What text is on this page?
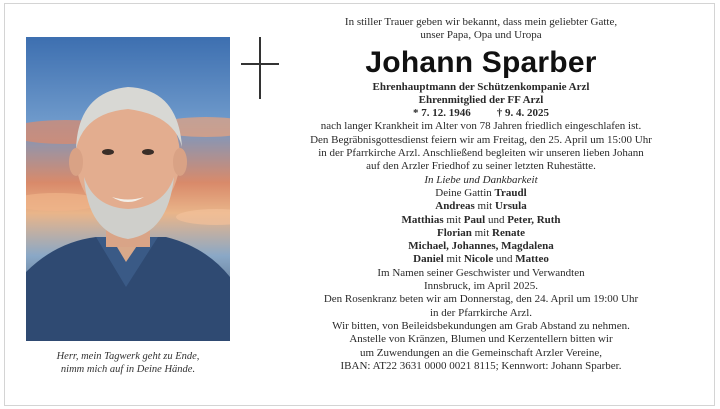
Herr, mein Tagwerk geht zu Ende,
nimm mich auf in Deine Hände.

In stiller Trauer geben wir bekannt, dass mein geliebter Gatte,

unser Papa, Opa und Uropa

Johann Sparber

Ehrenhauptmann der Schützenkompanie Arzl

Ehrenmitglied der FF Arzl

* 7. 12. 1946 † 9. 4. 2025

nach langer Krankheit im Alter von 78 Jahren friedlich eingeschlafen ist.

Den Begräbnisgottesdienst feiern wir am Freitag, den 25. April um 15:00 Uhr

in der Pfarrkirche Arzl. Anschließend begleiten wir unseren lieben Johann

auf den Arzler Friedhof zu seiner letzten Ruhestätte.

In Liebe und Dankbarkeit

Deine Gattin Traudl

Andreas mit Ursula

Matthias mit Paul und Peter, Ruth

Florian mit Renate

Michael, Johannes, Magdalena

Daniel mit Nicole und Matteo

Im Namen seiner Geschwister und Verwandten

Innsbruck, im April 2025.

Den Rosenkranz beten wir am Donnerstag, den 24. April um 19:00 Uhr

in der Pfarrkirche Arzl.

Wir bitten, von Beileidsbekundungen am Grab Abstand zu nehmen.

Anstelle von Kränzen, Blumen und Kerzentellern bitten wir

um Zuwendungen an die Gemeinschaft Arzler Vereine,

IBAN: AT22 3631 0000 0021 8115; Kennwort: Johann Sparber.
